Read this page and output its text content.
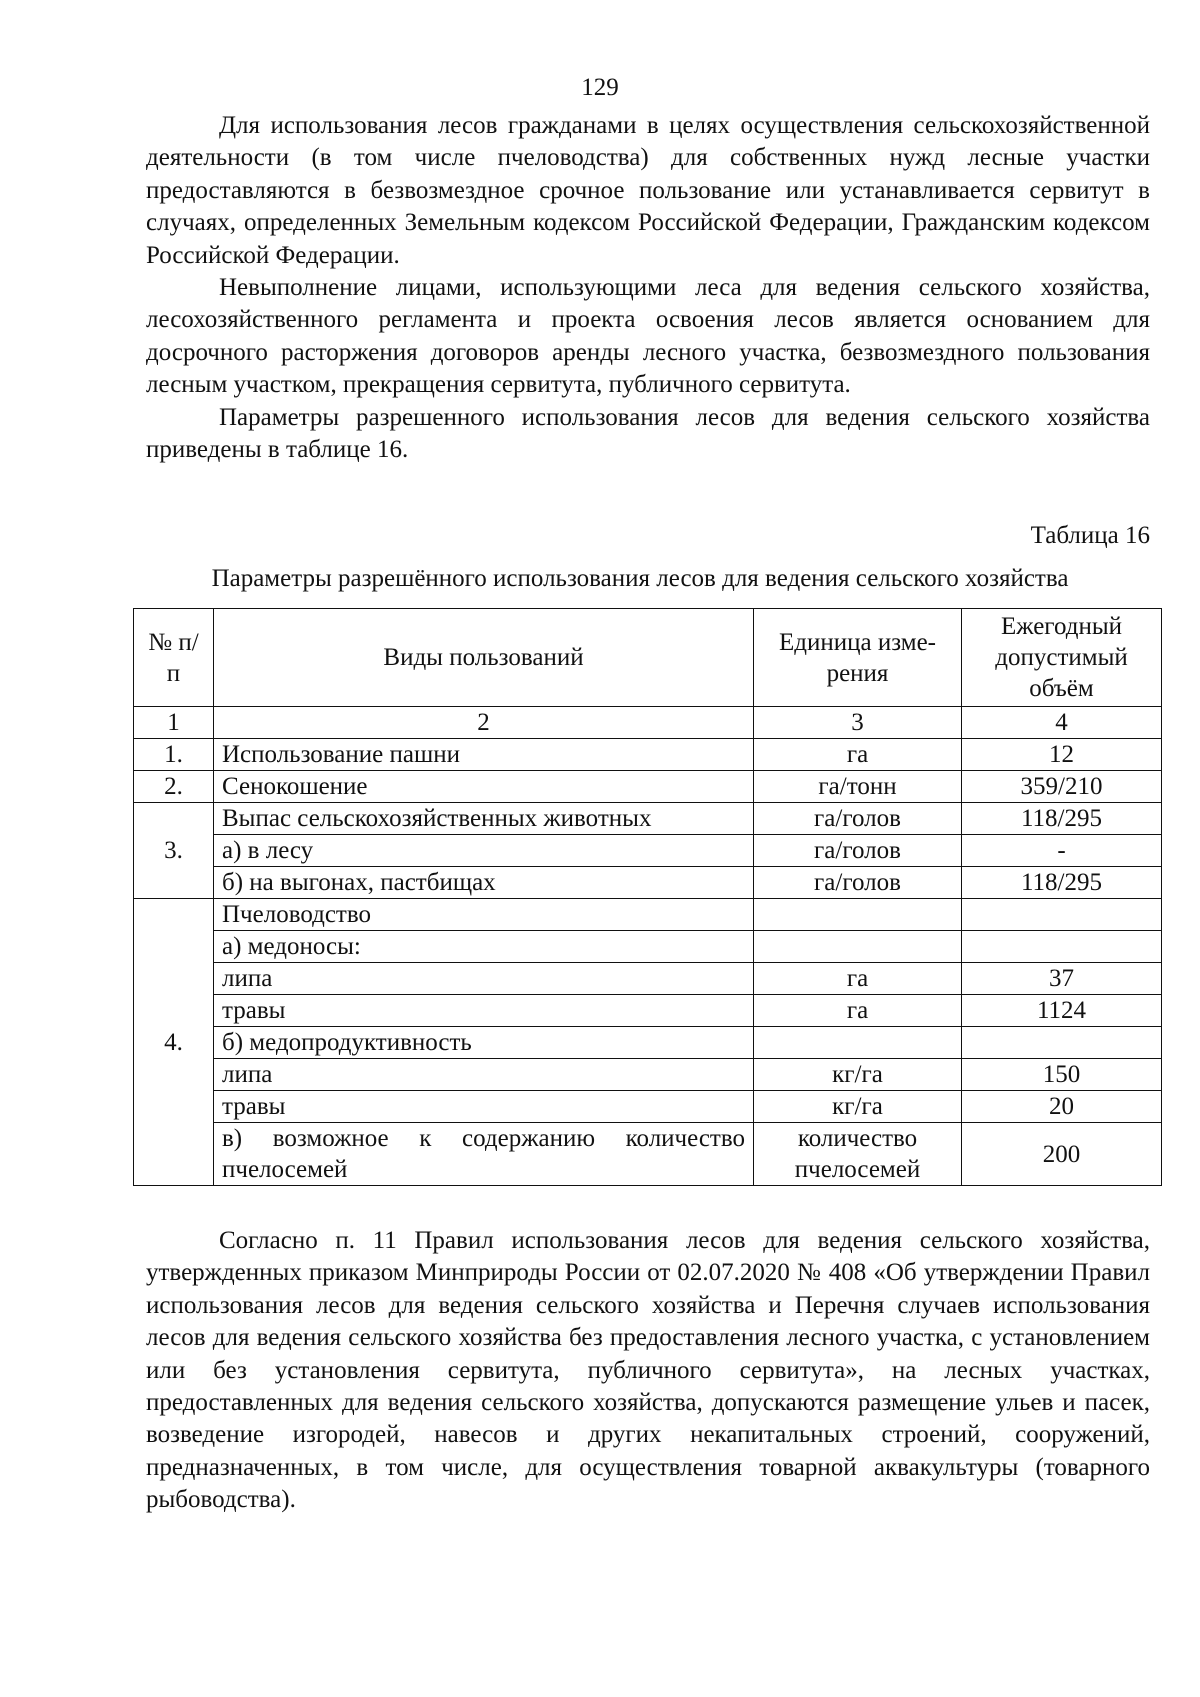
129

Для использования лесов гражданами в целях осуществления сельскохозяйственной деятельности (в том числе пчеловодства) для собственных нужд лесные участки предоставляются в безвозмездное срочное пользование или устанавливается сервитут в случаях, определенных Земельным кодексом Российской Федерации, Гражданским кодексом Российской Федерации.

Невыполнение лицами, использующими леса для ведения сельского хозяйства, лесохозяйственного регламента и проекта освоения лесов является основанием для досрочного расторжения договоров аренды лесного участка, безвозмездного пользования лесным участком, прекращения сервитута, публичного сервитута.

Параметры разрешенного использования лесов для ведения сельского хозяйства приведены в таблице 16.

Таблица 16
Параметры разрешённого использования лесов для ведения сельского хозяйства
№ п/п	Виды пользований	Единица изме-рения	Ежегодный допустимый объём
1	2	3	4
1.	Использование пашни	га	12
2.	Сенокошение	га/тонн	359/210
3.	Выпас сельскохозяйственных животных	га/голов	118/295
	а) в лесу	га/голов	-
	б) на выгонах, пастбищах	га/голов	118/295
4.	Пчеловодство		
	а) медоносы:		
	липа	га	37
	травы	га	1124
	б) медопродуктивность		
	липа	кг/га	150
	травы	кг/га	20
	в) возможное к содержанию количество пчелосемей	количество пчелосемей	200

Согласно п. 11 Правил использования лесов для ведения сельского хозяйства, утвержденных приказом Минприроды России от 02.07.2020 № 408 «Об утверждении Правил использования лесов для ведения сельского хозяйства и Перечня случаев использования лесов для ведения сельского хозяйства без предоставления лесного участка, с установлением или без установления сервитута, публичного сервитута», на лесных участках, предоставленных для ведения сельского хозяйства, допускаются размещение ульев и пасек, возведение изгородей, навесов и других некапитальных строений, сооружений, предназначенных, в том числе, для осуществления товарной аквакультуры (товарного рыбоводства).
